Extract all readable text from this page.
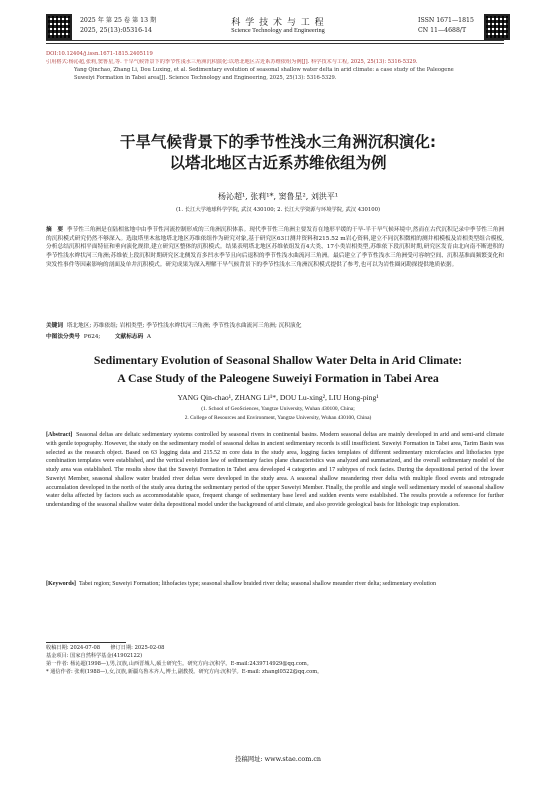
2025 年 第 25 卷 第 13 期
2025, 25(13):05316-14
科 学 技 术 与 工 程
Science Technology and Engineering
ISSN 1671—1815
CN 11—4688/T
DOI:10.12404/j.issn.1671-1815.2405119
引用格式:杨沁超,张莉,窦鲁星,等. 干旱气候背景下的季节性浅水三角洲沉积演化:以塔北地区古近系苏维依组为例[J]. 科学技术与工程, 2025, 25(13): 5316-5329.
Yang Qinchao, Zhang Li, Dou Luxing, et al. Sedimentary evolution of seasonal shallow water delta in arid climate: a case study of the Paleogene
Suweiyi Formation in Tabei area[J]. Science Technology and Engineering, 2025, 25(13): 5316-5329.
干旱气候背景下的季节性浅水三角洲沉积演化:
以塔北地区古近系苏维依组为例
杨沁超¹, 张莉¹*, 窦鲁星², 刘洪平¹
(1. 长江大学地球科学学院, 武汉 430100; 2. 长江大学资源与环境学院, 武汉 430100)
摘　要 季节性三角洲是在陆相盆地中由季节性河流控制形成的三角洲沉积体系。现代季节性三角洲主要发育在地形平缓的干旱-半干旱气候环境中,然而在古代沉积记录中季节性三角洲的沉积模式研究仍然不够深入。选取塔里木盆地塔北地区苏维依组作为研究对象,基于研究区63口测井资料和215.52 m岩心资料,建立不同沉积微相的测井相模板及岩相类型组合模板,分析总结沉积相平面特征和垂向演化规律,建立研究区整体的沉积模式。结果表明塔北地区苏维依组发育4大类、17小类岩相类型,苏维依下段沉积时期,研究区发育由北向南不断进积的季节性浅水辫状河三角洲;苏维依上段沉积时期研究区北侧发育多凹水季节且向后退积的季节性浅水曲流河三角洲。最后建立了季节性浅水三角洲受可容纳空间、沉积基准面频繁变化和突发性事件等因素影响的剖面及单井沉积模式。研究成果为深入理解干旱气候背景下的季节性浅水三角洲沉积模式提供了参考,也可以为岩性圈闭勘探提供地质依据。
关键词 塔北地区; 苏维依组; 岩相类型; 季节性浅水辫状河三角洲; 季节性浅水曲流河三角洲; 沉积演化
中图法分类号 P624;	文献标志码 A
Sedimentary Evolution of Seasonal Shallow Water Delta in Arid Climate:
A Case Study of the Paleogene Suweiyi Formation in Tabei Area
YANG Qin-chao¹, ZHANG Li¹*, DOU Lu-xing², LIU Hong-ping¹
(1. School of GeoSciences, Yangtze University, Wuhan 430100, China;
2. College of Resources and Environment, Yangtze University, Wuhan 430100, China)
[Abstract] Seasonal deltas are deltaic sedimentary systems controlled by seasonal rivers in continental basins. Modern seasonal deltas are mainly developed in arid and semi-arid climate with gentle topography. However, the study on the sedimentary model of seasonal deltas in ancient sedimentary records is still insufficient. Suweiyi Formation in Tabei area, Tarim Basin was selected as the research object. Based on 63 logging data and 215.52 m core data in the study area, logging facies templates of different sedimentary microfacies and lithofacies type combination templates were established, and the vertical evolution law of sedimentary facies plane characteristics was analyzed and summarized, and the overall sedimentary model of the study area was established. The results show that the Suweiyi Formation in Tabei area developed 4 categories and 17 subtypes of rock facies. During the depositional period of the lower Suweiyi Member, seasonal shallow water braided river deltas were developed in the study area. A seasonal shallow meandering river delta with multiple flood events and retrograde accumulation developed in the north of the study area during the sedimentary period of the upper Suweiyi Member. Finally, the profile and single well sedimentary model of seasonal shallow water delta affected by factors such as accommodatable space, frequent change of sedimentary base level and sudden events were established. The results provide a reference for further understanding of the seasonal shallow water delta depositional model under the background of arid climate, and also provide geological basis for lithologic trap exploration.
[Keywords] Tabei region; Suweiyi Formation; lithofacies type; seasonal shallow braided river delta; seasonal shallow meander river delta; sedimentary evolution
收稿日期: 2024-07-08　　修订日期: 2025-02-08
基金项目: 国家自然科学基金(41902122)
第一作者: 杨沁超(1998—),男,汉族,山西晋城人,硕士研究生。研究方向:沉积学。E-mail:2439714929@qq.com。
* 通信作者: 张莉(1988—),女,汉族,新疆乌鲁木齐人,博士,副教授。研究方向:沉积学。E-mail: zhangl0522@qq.com。
投稿网址: www.stae.com.cn
